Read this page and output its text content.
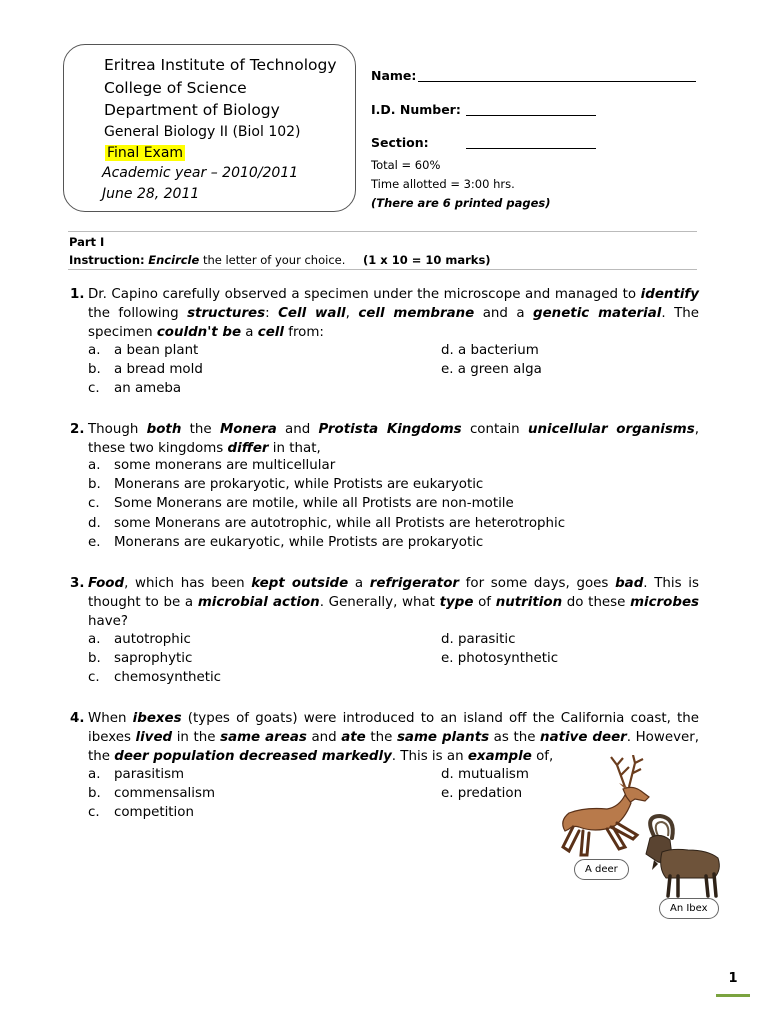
Eritrea Institute of Technology
College of Science
Department of Biology
General Biology II (Biol 102)
Final Exam
Academic year – 2010/2011
June 28, 2011
Name:
I.D. Number:
Section:
Total = 60%
Time allotted = 3:00 hrs.
(There are 6 printed pages)
Part I
Instruction: Encircle the letter of your choice. (1 x 10 = 10 marks)
1. Dr. Capino carefully observed a specimen under the microscope and managed to identify the following structures: Cell wall, cell membrane and a genetic material. The specimen couldn't be a cell from:
a. a bean plant
b. a bread mold
c. an ameba
d. a bacterium
e. a green alga
2. Though both the Monera and Protista Kingdoms contain unicellular organisms, these two kingdoms differ in that,
a. some monerans are multicellular
b. Monerans are prokaryotic, while Protists are eukaryotic
c. Some Monerans are motile, while all Protists are non-motile
d. some Monerans are autotrophic, while all Protists are heterotrophic
e. Monerans are eukaryotic, while Protists are prokaryotic
3. Food, which has been kept outside a refrigerator for some days, goes bad. This is thought to be a microbial action. Generally, what type of nutrition do these microbes have?
a. autotrophic
b. saprophytic
c. chemosynthetic
d. parasitic
e. photosynthetic
4. When ibexes (types of goats) were introduced to an island off the California coast, the ibexes lived in the same areas and ate the same plants as the native deer. However, the deer population decreased markedly. This is an example of,
a. parasitism
b. commensalism
c. competition
d. mutualism
e. predation
A deer
An Ibex
1
